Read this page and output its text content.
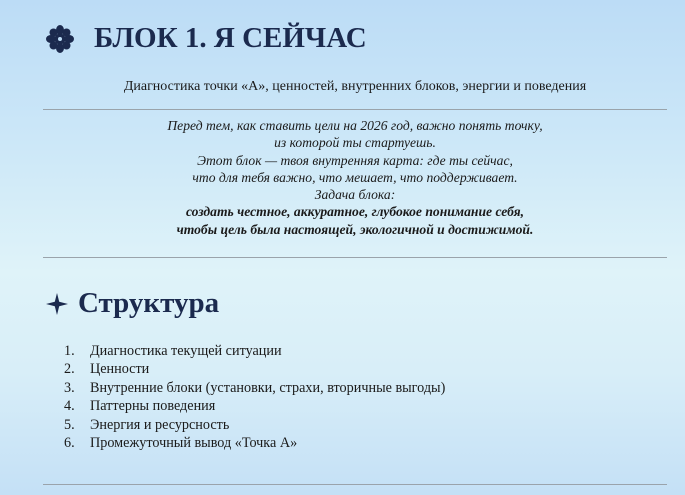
БЛОК 1. Я СЕЙЧАС
Диагностика точки «А», ценностей, внутренних блоков, энергии и поведения
Перед тем, как ставить цели на 2026 год, важно понять точку,
из которой ты стартуешь.
Этот блок — твоя внутренняя карта: где ты сейчас,
что для тебя важно, что мешает, что поддерживает.
Задача блока:
создать честное, аккуратное, глубокое понимание себя,
чтобы цель была настоящей, экологичной и достижимой.
Структура
1.	Диагностика текущей ситуации
2.	Ценности
3.	Внутренние блоки (установки, страхи, вторичные выгоды)
4.	Паттерны поведения
5.	Энергия и ресурсность
6.	Промежуточный вывод «Точка А»
